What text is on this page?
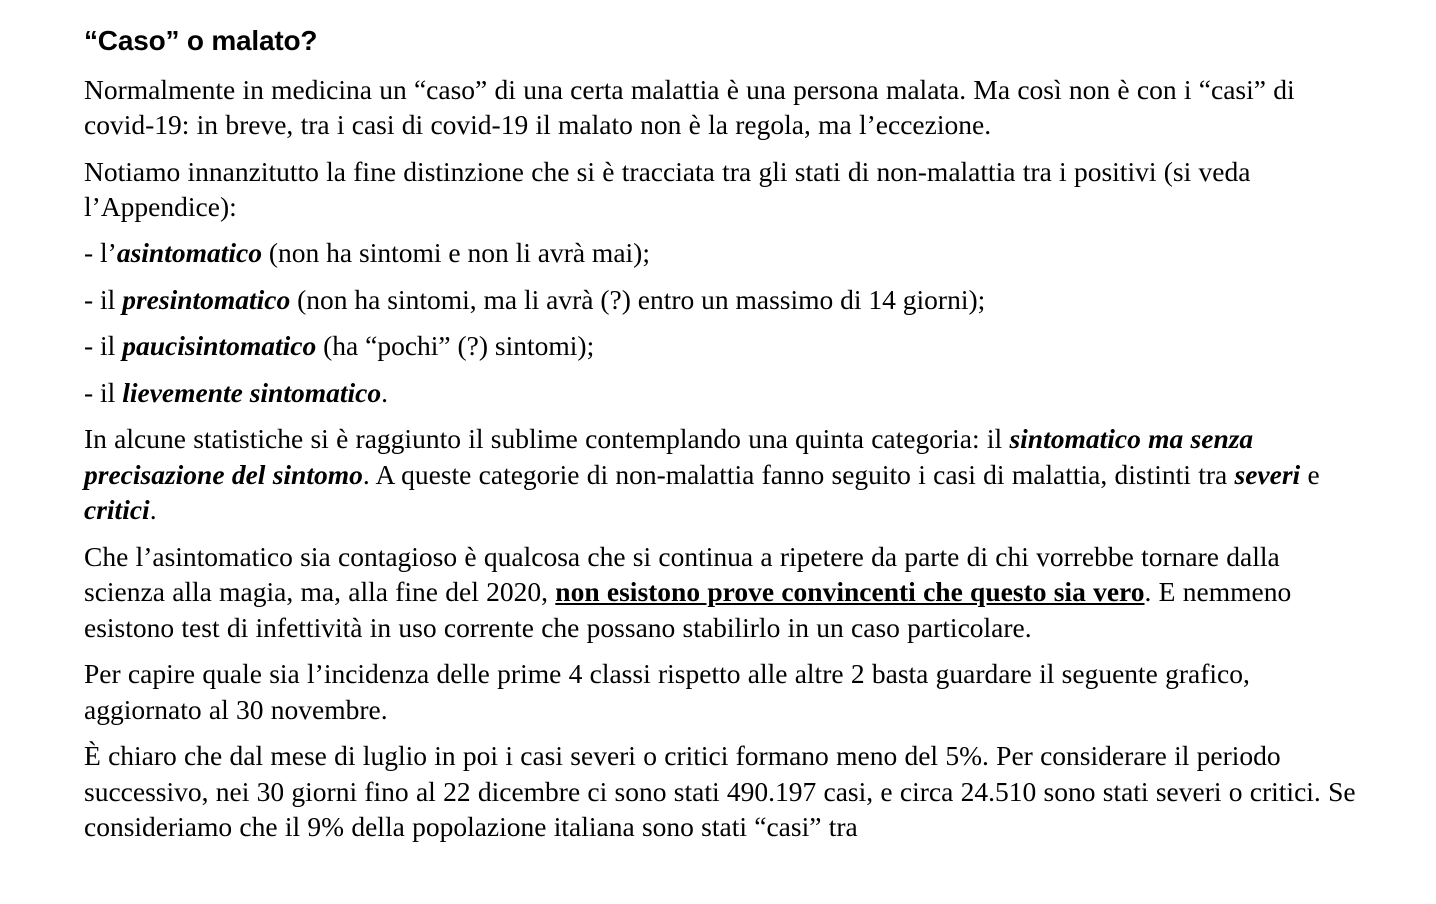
“Caso” o malato?

Normalmente in medicina un “caso” di una certa malattia è una persona malata. Ma così non è con i “casi” di covid-19: in breve, tra i casi di covid-19 il malato non è la regola, ma l’eccezione.

Notiamo innanzitutto la fine distinzione che si è tracciata tra gli stati di non-malattia tra i positivi (si veda l’Appendice):

- l’asintomatico (non ha sintomi e non li avrà mai);

- il presintomatico (non ha sintomi, ma li avrà (?) entro un massimo di 14 giorni);

- il paucisintomatico (ha “pochi” (?) sintomi);

- il lievemente sintomatico.

In alcune statistiche si è raggiunto il sublime contemplando una quinta categoria: il sintomatico ma senza precisazione del sintomo. A queste categorie di non-malattia fanno seguito i casi di malattia, distinti tra severi e critici.

Che l’asintomatico sia contagioso è qualcosa che si continua a ripetere da parte di chi vorrebbe tornare dalla scienza alla magia, ma, alla fine del 2020, non esistono prove convincenti che questo sia vero. E nemmeno esistono test di infettività in uso corrente che possano stabilirlo in un caso particolare.

Per capire quale sia l’incidenza delle prime 4 classi rispetto alle altre 2 basta guardare il seguente grafico, aggiornato al 30 novembre.

È chiaro che dal mese di luglio in poi i casi severi o critici formano meno del 5%. Per considerare il periodo successivo, nei 30 giorni fino al 22 dicembre ci sono stati 490.197 casi, e circa 24.510 sono stati severi o critici. Se consideriamo che il 9% della popolazione italiana sono stati “casi” tra
